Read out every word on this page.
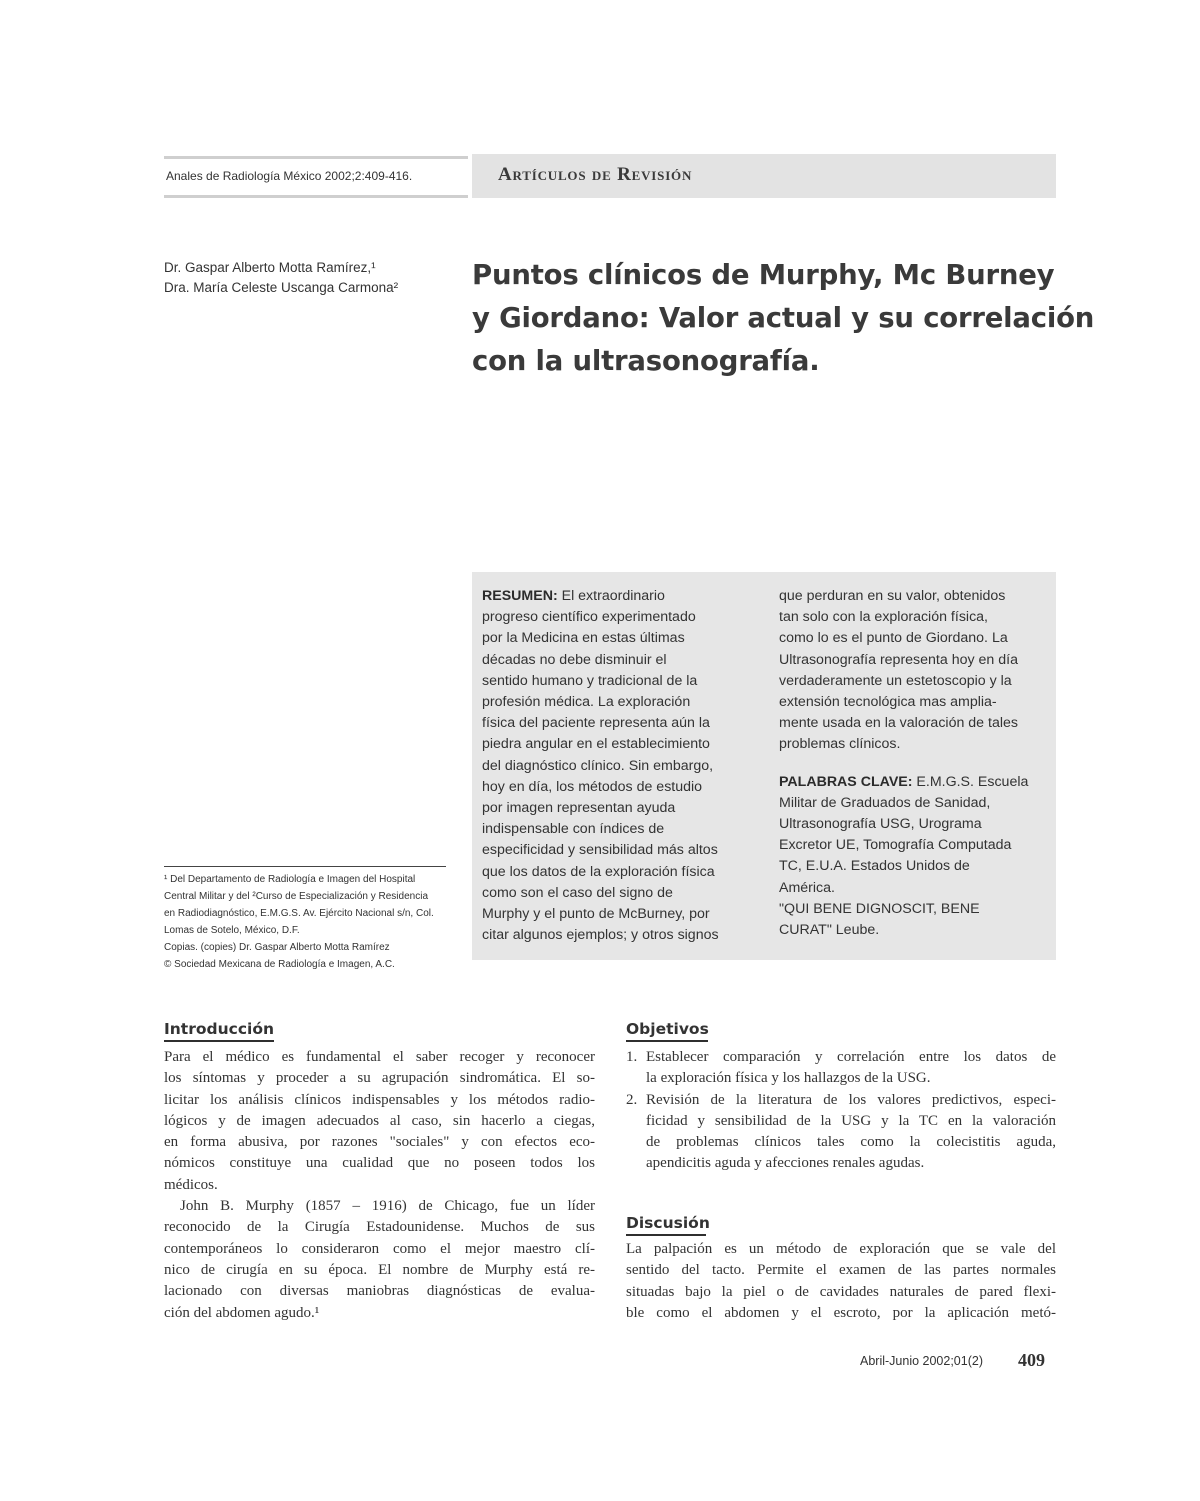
Anales de Radiología México 2002;2:409-416.	Artículos de Revisión
Dr. Gaspar Alberto Motta Ramírez,¹
Dra. María Celeste Uscanga Carmona²	Puntos clínicos de Murphy, Mc Burney
y Giordano: Valor actual y su correlación
con la ultrasonografía.
RESUMEN: El extraordinario
progreso científico experimentado
por la Medicina en estas últimas
décadas no debe disminuir el
sentido humano y tradicional de la
profesión médica. La exploración
física del paciente representa aún la
piedra angular en el establecimiento
del diagnóstico clínico. Sin embargo,
hoy en día, los métodos de estudio
por imagen representan ayuda
indispensable con índices de
especificidad y sensibilidad más altos
que los datos de la exploración física
como son el caso del signo de
Murphy y el punto de McBurney, por
citar algunos ejemplos; y otros signos
que perduran en su valor, obtenidos
tan solo con la exploración física,
como lo es el punto de Giordano. La
Ultrasonografía representa hoy en día
verdaderamente un estetoscopio y la
extensión tecnológica mas amplia-
mente usada en la valoración de tales
problemas clínicos.
PALABRAS CLAVE: E.M.G.S. Escuela
Militar de Graduados de Sanidad,
Ultrasonografía USG, Urograma
Excretor UE, Tomografía Computada
TC, E.U.A. Estados Unidos de
América.
"QUI BENE DIGNOSCIT, BENE
CURAT" Leube.
¹ Del Departamento de Radiología e Imagen del Hospital
Central Militar y del ²Curso de Especialización y Residencia
en Radiodiagnóstico, E.M.G.S. Av. Ejército Nacional s/n, Col.
Lomas de Sotelo, México, D.F.
Copias. (copies) Dr. Gaspar Alberto Motta Ramírez
© Sociedad Mexicana de Radiología e Imagen, A.C.
Introducción
Para el médico es fundamental el saber recoger y reconocer
los síntomas y proceder a su agrupación sindromática. El so-
licitar los análisis clínicos indispensables y los métodos radio-
lógicos y de imagen adecuados al caso, sin hacerlo a ciegas,
en forma abusiva, por razones "sociales" y con efectos eco-
nómicos constituye una cualidad que no poseen todos los
médicos.
John B. Murphy (1857 – 1916) de Chicago, fue un líder
reconocido de la Cirugía Estadounidense. Muchos de sus
contemporáneos lo consideraron como el mejor maestro clí-
nico de cirugía en su época. El nombre de Murphy está re-
lacionado con diversas maniobras diagnósticas de evalua-
ción del abdomen agudo.¹
Objetivos
1. Establecer comparación y correlación entre los datos de
la exploración física y los hallazgos de la USG.
2. Revisión de la literatura de los valores predictivos, especi-
ficidad y sensibilidad de la USG y la TC en la valoración
de problemas clínicos tales como la colecistitis aguda,
apendicitis aguda y afecciones renales agudas.
Discusión
La palpación es un método de exploración que se vale del
sentido del tacto. Permite el examen de las partes normales
situadas bajo la piel o de cavidades naturales de pared flexi-
ble como el abdomen y el escroto, por la aplicación metó-
Abril-Junio 2002;01(2) 409
